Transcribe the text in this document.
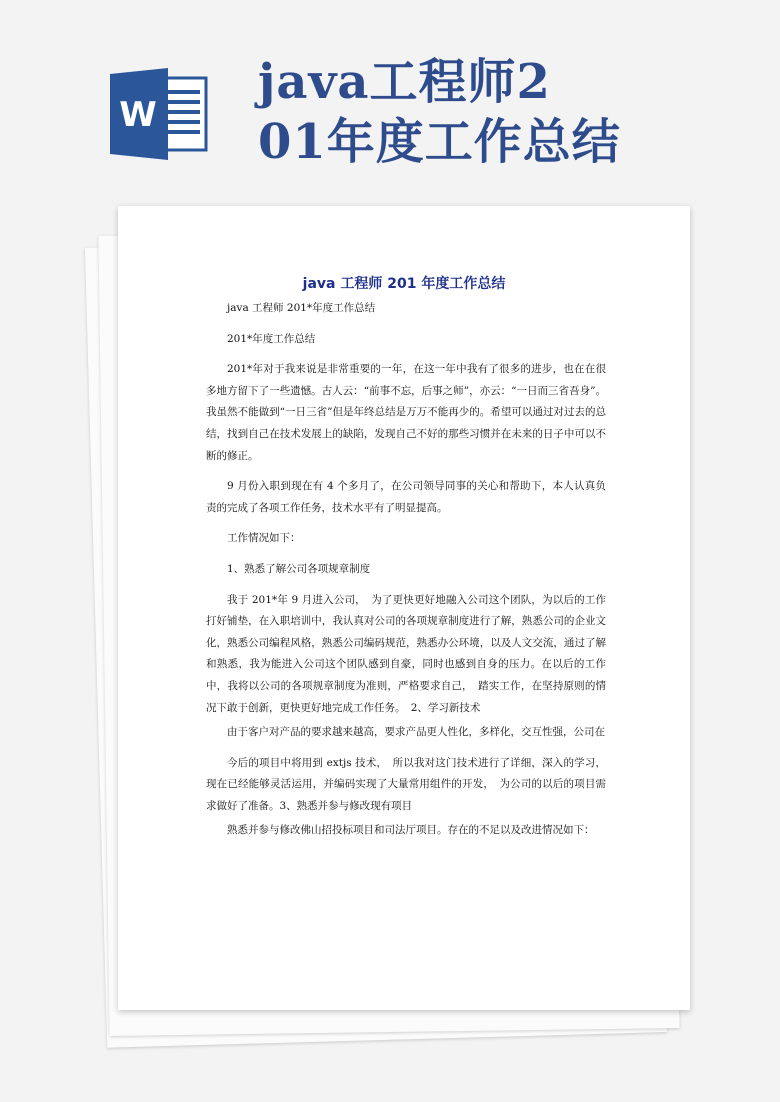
W
java工程师2
01年度工作总结
java 工程师 201 年度工作总结

java 工程师 201*年度工作总结

201*年度工作总结

201*年对于我来说是非常重要的一年，在这一年中我有了很多的进步，也在在很多地方留下了一些遗憾。古人云：“前事不忘，后事之师”，亦云：“一日而三省吾身”。我虽然不能做到“一日三省”但是年终总结是万万不能再少的。希望可以通过对过去的总结，找到自己在技术发展上的缺陷，发现自己不好的那些习惯并在未来的日子中可以不断的修正。

9 月份入职到现在有 4 个多月了，在公司领导同事的关心和帮助下，本人认真负责的完成了各项工作任务，技术水平有了明显提高。

工作情况如下：

1、熟悉了解公司各项规章制度

我于 201*年 9 月进入公司，　为了更快更好地融入公司这个团队，为以后的工作打好铺垫，在入职培训中，我认真对公司的各项规章制度进行了解，熟悉公司的企业文化，熟悉公司编程风格，熟悉公司编码规范，熟悉办公环境，以及人文交流，通过了解和熟悉，我为能进入公司这个团队感到自豪，同时也感到自身的压力。在以后的工作中，我将以公司的各项规章制度为准则，严格要求自己，　踏实工作，在坚持原则的情况下敢于创新，更快更好地完成工作任务。　2、学习新技术

由于客户对产品的要求越来越高，要求产品更人性化，多样化，交互性强，公司在

今后的项目中将用到 extjs 技术，　所以我对这门技术进行了详细，深入的学习，现在已经能够灵活运用，并编码实现了大量常用组件的开发，　为公司的以后的项目需求做好了准备。3、熟悉并参与修改现有项目

熟悉并参与修改佛山招投标项目和司法厅项目。存在的不足以及改进情况如下：
